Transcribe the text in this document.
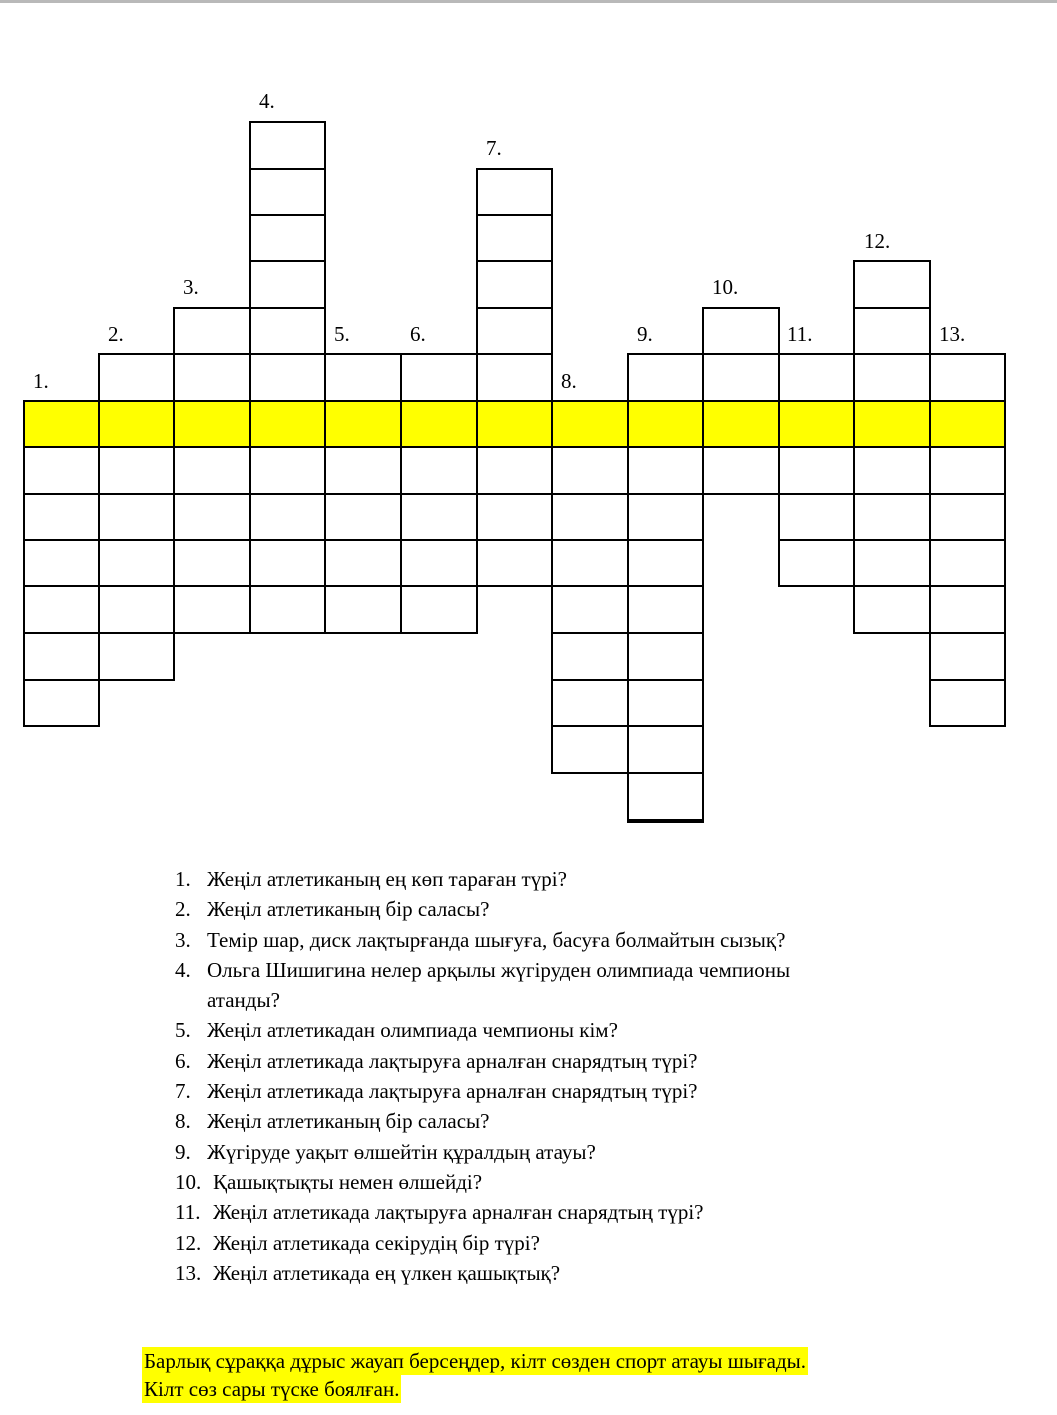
1.
2.
3.
4.
5.	6.
7.
8.
9.
10.
11.
12.
13.
1. Жеңіл атлетиканың ең көп тараған түрі?
2. Жеңіл атлетиканың бір саласы?
3. Темір шар, диск лақтырғанда шығуға, басуға болмайтын сызық?
4. Ольга Шишигина нелер арқылы жүгіруден олимпиада чемпионы
атанды?
5. Жеңіл атлетикадан олимпиада чемпионы кім?
6. Жеңіл атлетикада лақтыруға арналған снарядтың түрі?
7. Жеңіл атлетикада лақтыруға арналған снарядтың түрі?
8. Жеңіл атлетиканың бір саласы?
9. Жүгіруде уақыт өлшейтін құралдың атауы?
10. Қашықтықты немен өлшейді?
11. Жеңіл атлетикада лақтыруға арналған снарядтың түрі?
12. Жеңіл атлетикада секірудің бір түрі?
13. Жеңіл атлетикада ең үлкен қашықтық?
Барлық сұраққа дұрыс жауап берсеңдер, кілт сөзден спорт атауы шығады.
Кілт сөз сары түске боялған.
